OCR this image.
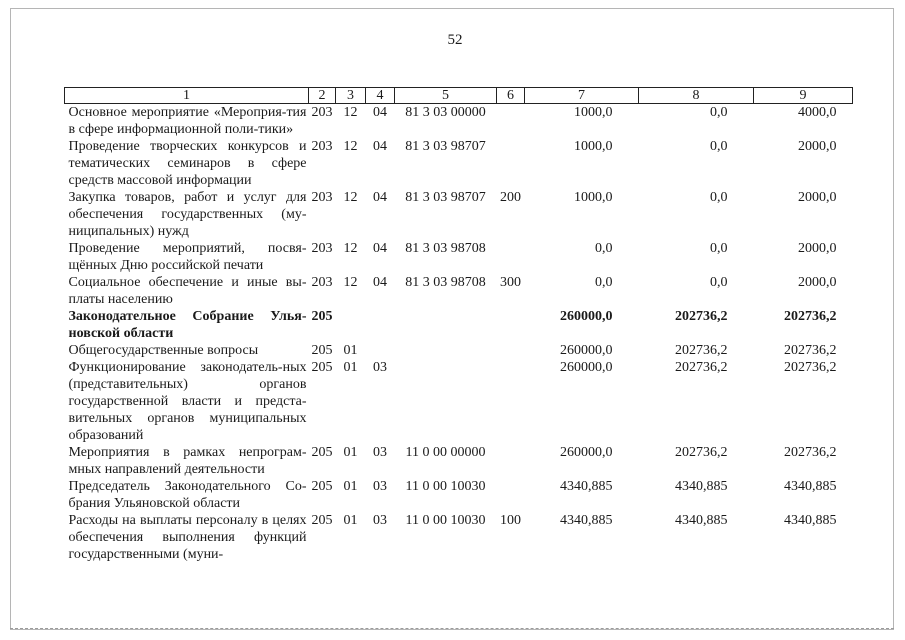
52
1	2	3	4	5	6	7	8	9
Основное мероприятие «Мероприя-тия в сфере информационной поли-тики»	203	12	04	81 3 03 00000		1000,0	0,0	4000,0
Проведение творческих конкурсов и тематических семинаров в сфере средств массовой информации	203	12	04	81 3 03 98707		1000,0	0,0	2000,0
Закупка товаров, работ и услуг для обеспечения государственных (му-ниципальных) нужд	203	12	04	81 3 03 98707	200	1000,0	0,0	2000,0
Проведение мероприятий, посвя-щённых Дню российской печати	203	12	04	81 3 03 98708		0,0	0,0	2000,0
Социальное обеспечение и иные вы-платы населению	203	12	04	81 3 03 98708	300	0,0	0,0	2000,0
Законодательное Собрание Улья-новской области	205					260000,0	202736,2	202736,2
Общегосударственные вопросы	205	01				260000,0	202736,2	202736,2
Функционирование законодатель-ных (представительных) органов государственной власти и предста-вительных органов муниципальных образований	205	01	03			260000,0	202736,2	202736,2
Мероприятия в рамках непрограм-мных направлений деятельности	205	01	03	11 0 00 00000		260000,0	202736,2	202736,2
Председатель Законодательного Со-брания Ульяновской области	205	01	03	11 0 00 10030		4340,885	4340,885	4340,885
Расходы на выплаты персоналу в целях обеспечения выполнения функций государственными (муни-	205	01	03	11 0 00 10030	100	4340,885	4340,885	4340,885
